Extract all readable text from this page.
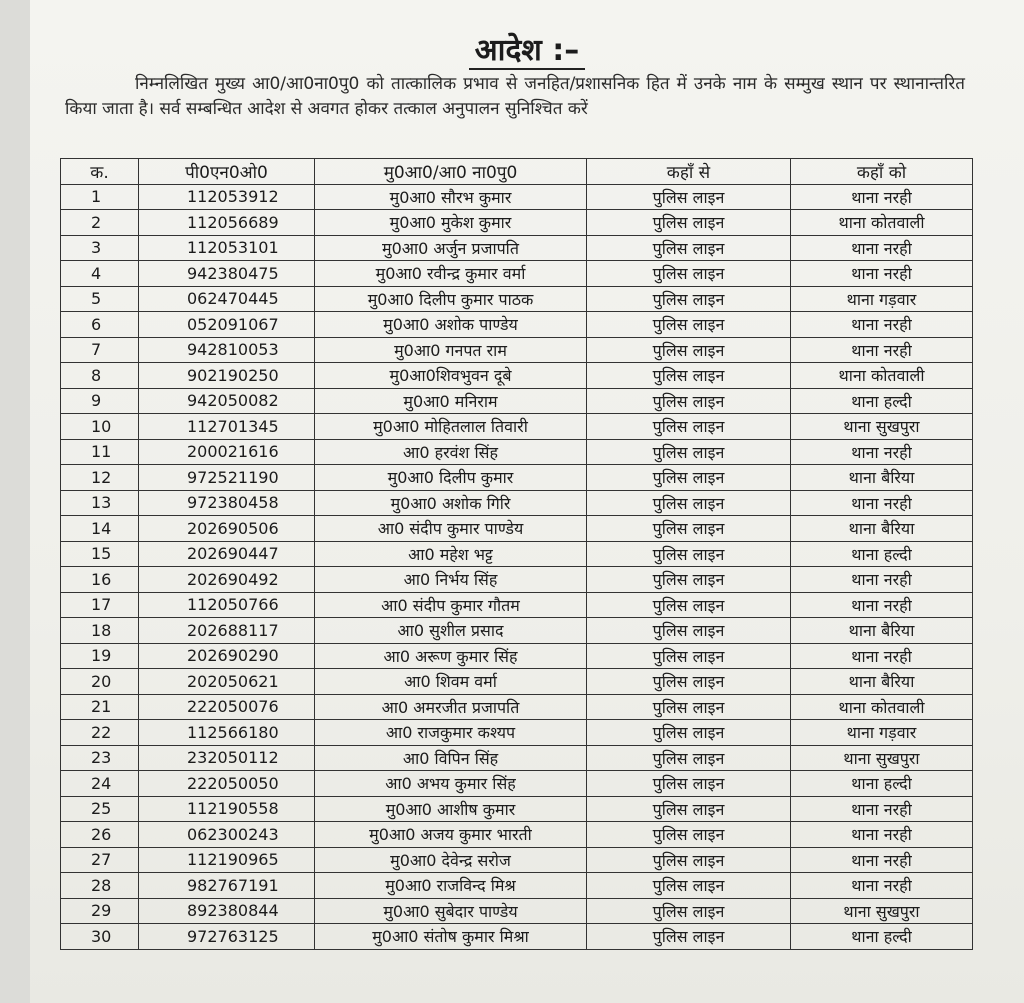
आदेश :–
निम्नलिखित मुख्य आ0/आ0ना0पु0 को तात्कालिक प्रभाव से जनहित/प्रशासनिक हित में उनके नाम के सम्मुख स्थान पर स्थानान्तरित किया जाता है। सर्व सम्बन्धित आदेश से अवगत होकर तत्काल अनुपालन सुनिश्चित करें
क.	पी0एन0ओ0	मु0आ0/आ0 ना0पु0	कहाँ से	कहाँ को
1	112053912	मु0आ0 सौरभ कुमार	पुलिस लाइन	थाना नरही
2	112056689	मु0आ0 मुकेश कुमार	पुलिस लाइन	थाना कोतवाली
3	112053101	मु0आ0 अर्जुन प्रजापति	पुलिस लाइन	थाना नरही
4	942380475	मु0आ0 रवीन्द्र कुमार वर्मा	पुलिस लाइन	थाना नरही
5	062470445	मु0आ0 दिलीप कुमार पाठक	पुलिस लाइन	थाना गड़वार
6	052091067	मु0आ0 अशोक पाण्डेय	पुलिस लाइन	थाना नरही
7	942810053	मु0आ0 गनपत राम	पुलिस लाइन	थाना नरही
8	902190250	मु0आ0शिवभुवन दूबे	पुलिस लाइन	थाना कोतवाली
9	942050082	मु0आ0 मनिराम	पुलिस लाइन	थाना हल्दी
10	112701345	मु0आ0 मोहितलाल तिवारी	पुलिस लाइन	थाना सुखपुरा
11	200021616	आ0 हरवंश सिंह	पुलिस लाइन	थाना नरही
12	972521190	मु0आ0 दिलीप कुमार	पुलिस लाइन	थाना बैरिया
13	972380458	मु0आ0 अशोक गिरि	पुलिस लाइन	थाना नरही
14	202690506	आ0 संदीप कुमार पाण्डेय	पुलिस लाइन	थाना बैरिया
15	202690447	आ0 महेश भट्ट	पुलिस लाइन	थाना हल्दी
16	202690492	आ0 निर्भय सिंह	पुलिस लाइन	थाना नरही
17	112050766	आ0 संदीप कुमार गौतम	पुलिस लाइन	थाना नरही
18	202688117	आ0 सुशील प्रसाद	पुलिस लाइन	थाना बैरिया
19	202690290	आ0 अरूण कुमार सिंह	पुलिस लाइन	थाना नरही
20	202050621	आ0 शिवम वर्मा	पुलिस लाइन	थाना बैरिया
21	222050076	आ0 अमरजीत प्रजापति	पुलिस लाइन	थाना कोतवाली
22	112566180	आ0 राजकुमार कश्यप	पुलिस लाइन	थाना गड़वार
23	232050112	आ0 विपिन सिंह	पुलिस लाइन	थाना सुखपुरा
24	222050050	आ0 अभय कुमार सिंह	पुलिस लाइन	थाना हल्दी
25	112190558	मु0आ0 आशीष कुमार	पुलिस लाइन	थाना नरही
26	062300243	मु0आ0 अजय कुमार भारती	पुलिस लाइन	थाना नरही
27	112190965	मु0आ0 देवेन्द्र सरोज	पुलिस लाइन	थाना नरही
28	982767191	मु0आ0 राजविन्द मिश्र	पुलिस लाइन	थाना नरही
29	892380844	मु0आ0 सुबेदार पाण्डेय	पुलिस लाइन	थाना सुखपुरा
30	972763125	मु0आ0 संतोष कुमार मिश्रा	पुलिस लाइन	थाना हल्दी
